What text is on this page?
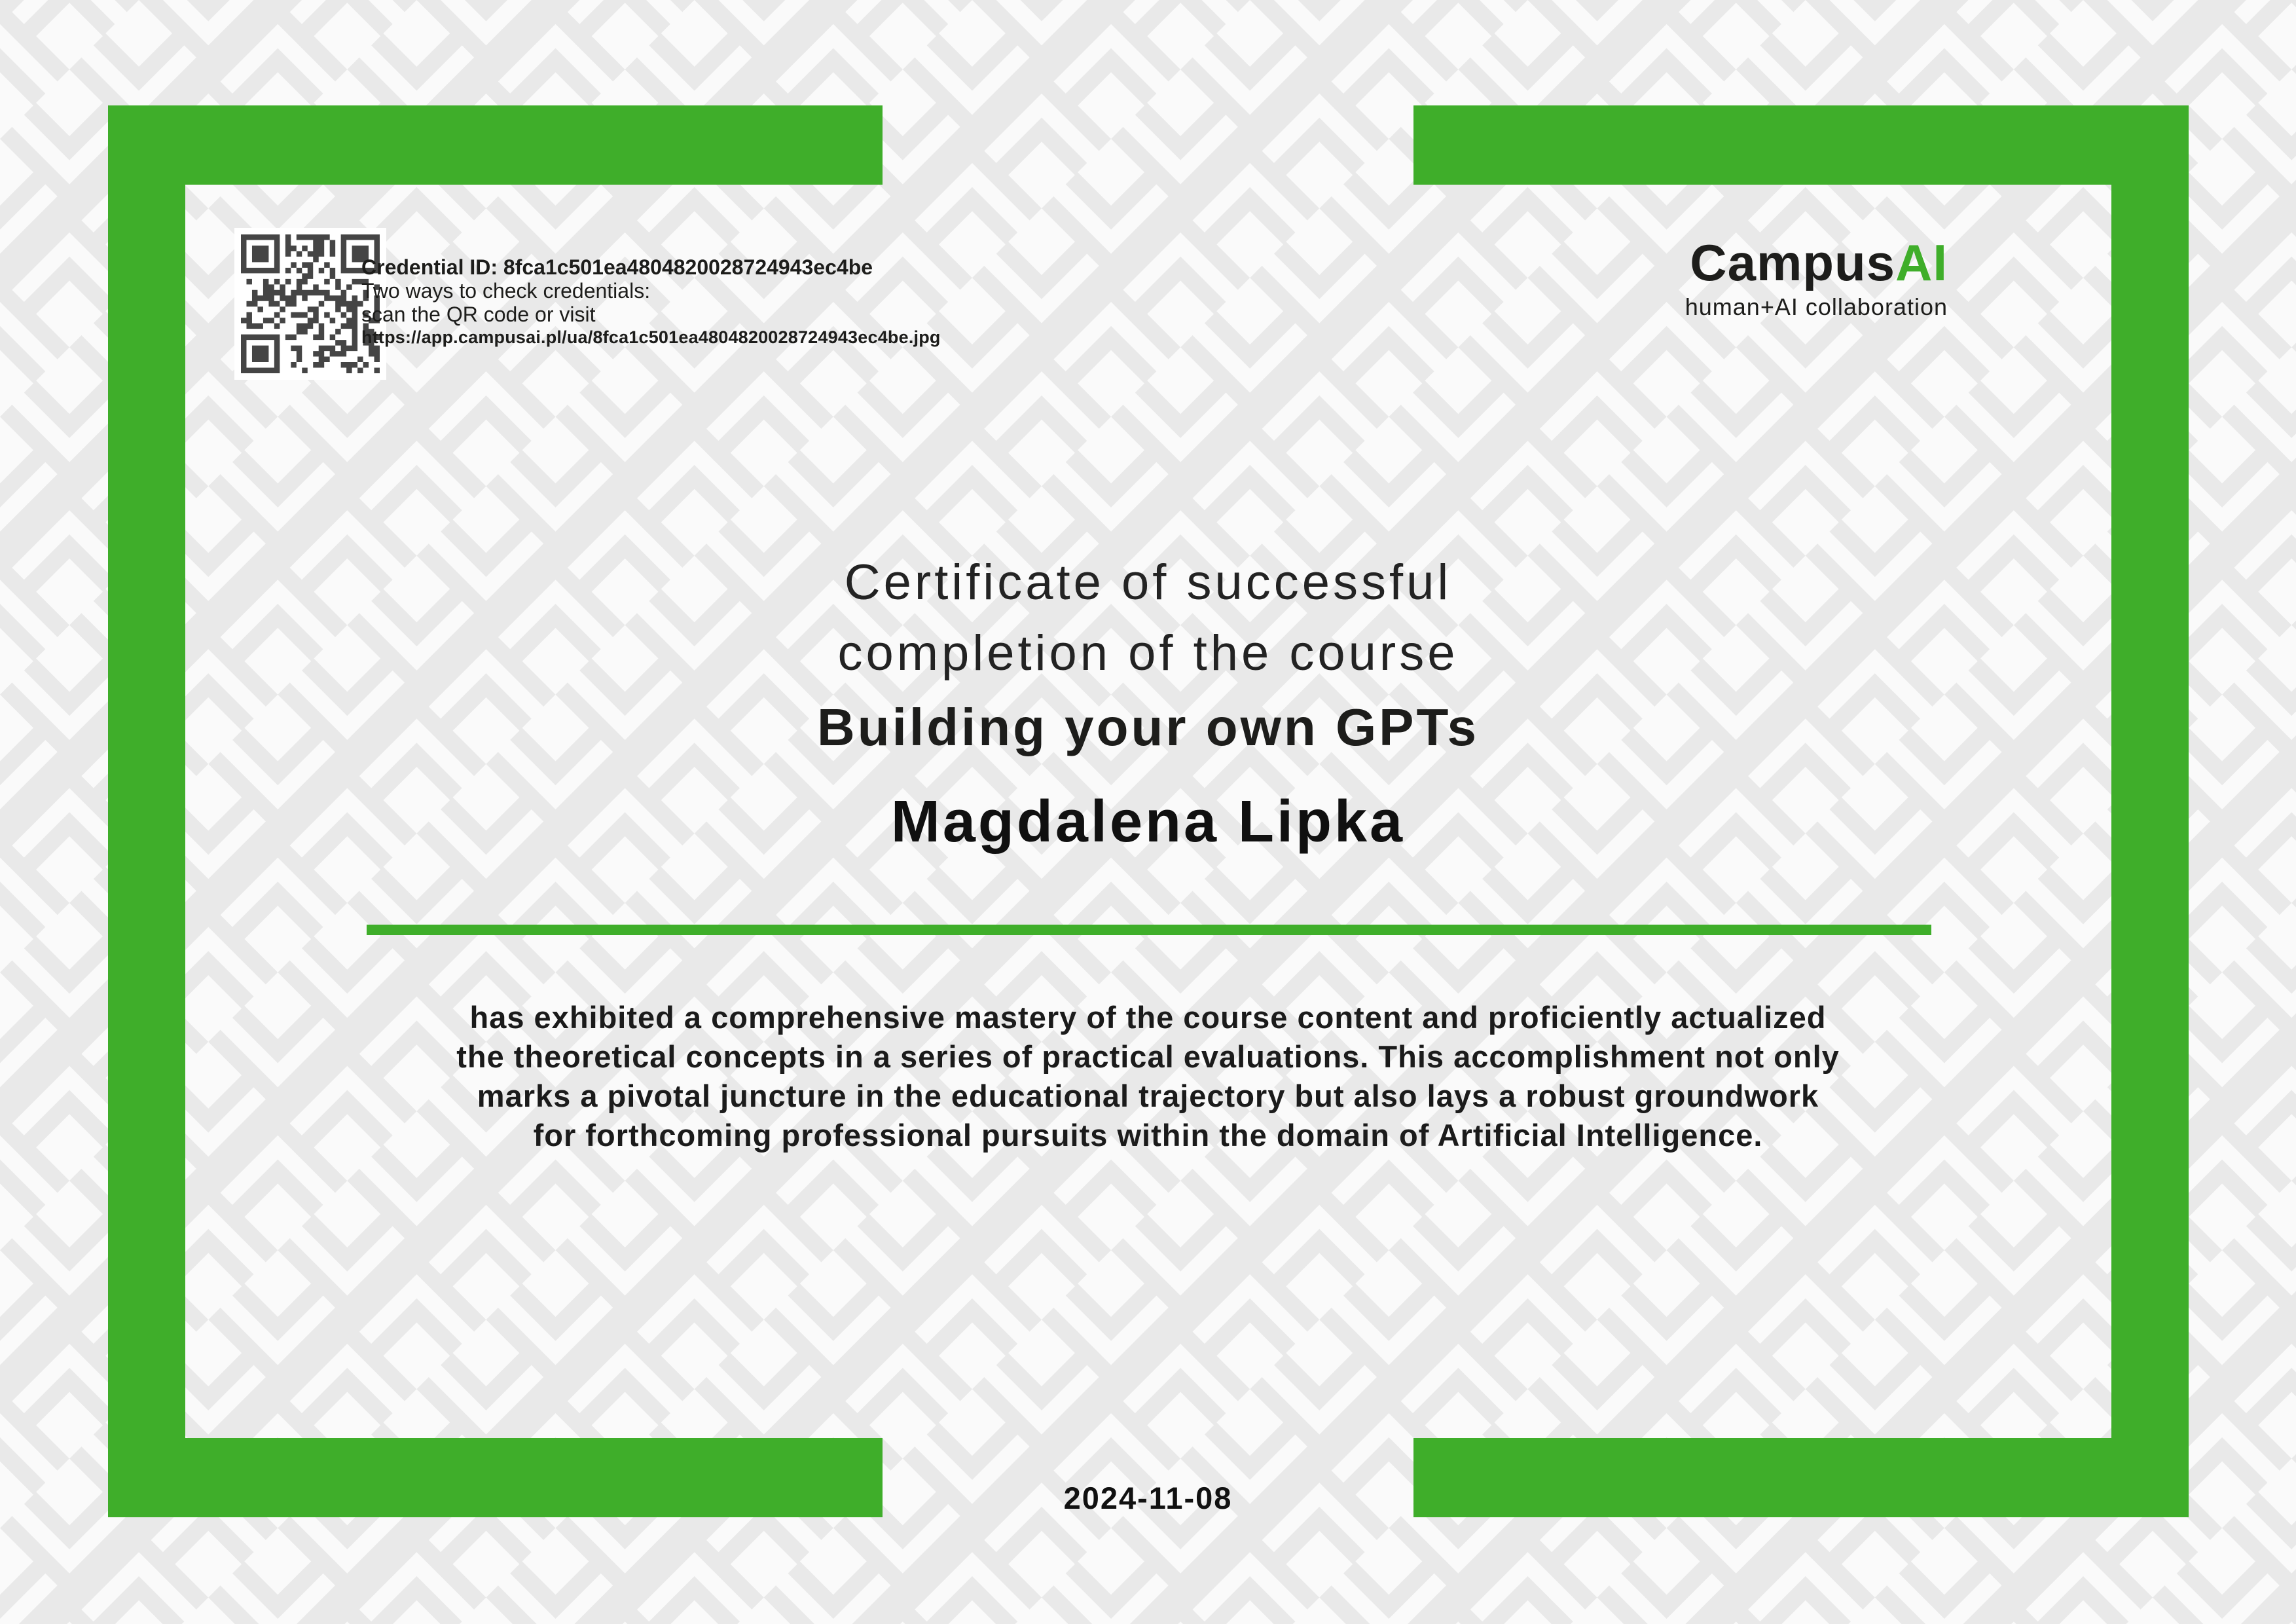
Credential ID: 8fca1c501ea4804820028724943ec4be
Two ways to check credentials:
scan the QR code or visit
https://app.campusai.pl/ua/8fca1c501ea4804820028724943ec4be.jpg
CampusAI
human+AI collaboration
Certificate of successful
completion of the course
Building your own GPTs
Magdalena Lipka
has exhibited a comprehensive mastery of the course content and proficiently actualized
the theoretical concepts in a series of practical evaluations. This accomplishment not only
marks a pivotal juncture in the educational trajectory but also lays a robust groundwork
for forthcoming professional pursuits within the domain of Artificial Intelligence.
2024-11-08
